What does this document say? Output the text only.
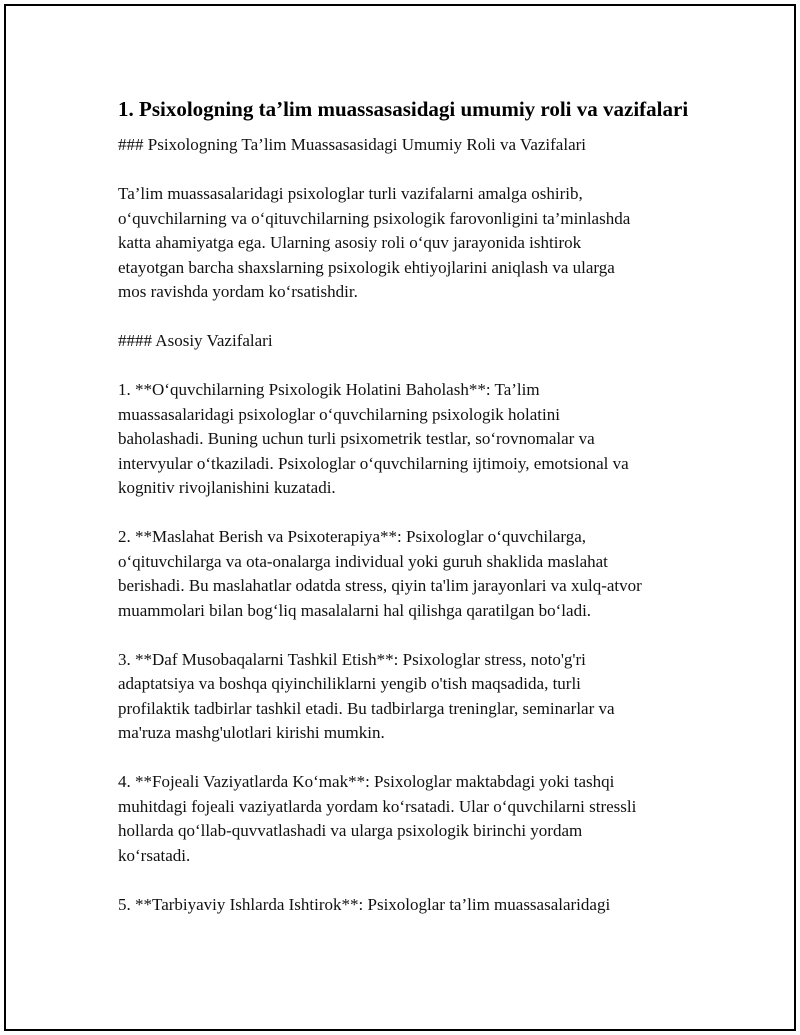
1. Psixologning ta’lim muassasasidagi umumiy roli va vazifalari

### Psixologning Ta’lim Muassasasidagi Umumiy Roli va Vazifalari

Ta’lim muassasalaridagi psixologlar turli vazifalarni amalga oshirib,
o‘quvchilarning va o‘qituvchilarning psixologik farovonligini ta’minlashda
katta ahamiyatga ega. Ularning asosiy roli o‘quv jarayonida ishtirok
etayotgan barcha shaxslarning psixologik ehtiyojlarini aniqlash va ularga
mos ravishda yordam ko‘rsatishdir.

#### Asosiy Vazifalari

1. **O‘quvchilarning Psixologik Holatini Baholash**: Ta’lim
muassasalaridagi psixologlar o‘quvchilarning psixologik holatini
baholashadi. Buning uchun turli psixometrik testlar, so‘rovnomalar va
intervyular o‘tkaziladi. Psixologlar o‘quvchilarning ijtimoiy, emotsional va
kognitiv rivojlanishini kuzatadi.

2. **Maslahat Berish va Psixoterapiya**: Psixologlar o‘quvchilarga,
o‘qituvchilarga va ota-onalarga individual yoki guruh shaklida maslahat
berishadi. Bu maslahatlar odatda stress, qiyin ta'lim jarayonlari va xulq-atvor
muammolari bilan bog‘liq masalalarni hal qilishga qaratilgan bo‘ladi.

3. **Daf Musobaqalarni Tashkil Etish**: Psixologlar stress, noto'g'ri
adaptatsiya va boshqa qiyinchiliklarni yengib o'tish maqsadida, turli
profilaktik tadbirlar tashkil etadi. Bu tadbirlarga treninglar, seminarlar va
ma'ruza mashg'ulotlari kirishi mumkin.

4. **Fojeali Vaziyatlarda Ko‘mak**: Psixologlar maktabdagi yoki tashqi
muhitdagi fojeali vaziyatlarda yordam ko‘rsatadi. Ular o‘quvchilarni stressli
hollarda qo‘llab-quvvatlashadi va ularga psixologik birinchi yordam
ko‘rsatadi.

5. **Tarbiyaviy Ishlarda Ishtirok**: Psixologlar ta’lim muassasalaridagi
